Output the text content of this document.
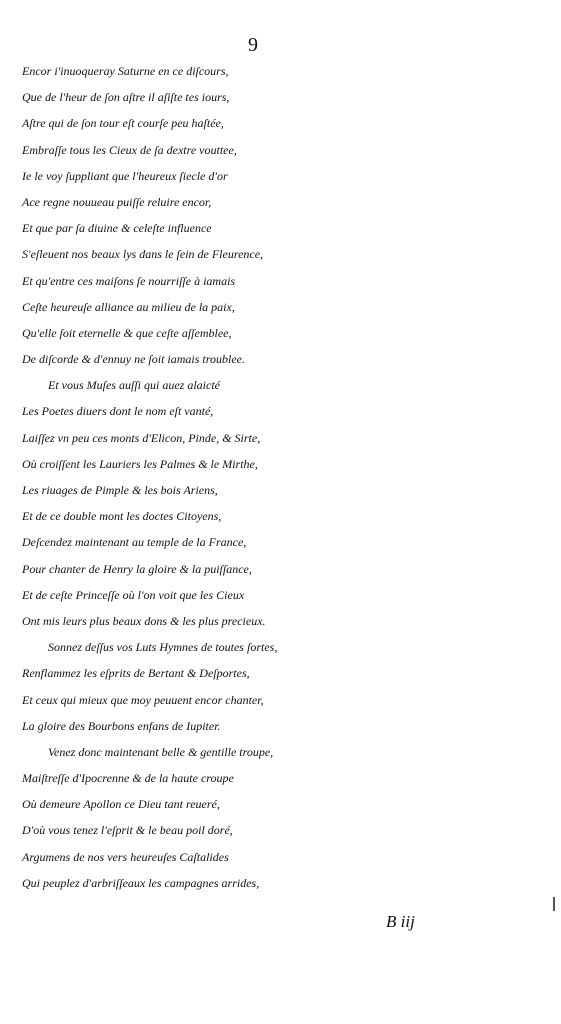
9
Encor i'inuoqueray Saturne en ce diſcours,
Que de l'heur de ſon aſtre il aſiſte tes iours,
Aſtre qui de ſon tour eſt courſe peu haſtée,
Embraſſe tous les Cieux de ſa dextre vouttee,
Ie le voy ſuppliant que l'heureux ſiecle d'or
Ace regne nouueau puiſſe reluire encor,
Et que par ſa diuine & celeſte influence
S'eſleuent nos beaux lys dans le ſein de Fleurence,
Et qu'entre ces maiſons ſe nourriſſe à iamais
Ceſte heureuſe alliance au milieu de la paix,
Qu'elle ſoit eternelle & que ceſte aſſemblee,
De diſcorde & d'ennuy ne ſoit iamais troublee.
Et vous Muſes auſſi qui auez alaicté
Les Poetes diuers dont le nom eſt vanté,
Laiſſez vn peu ces monts d'Elicon, Pinde, & Sirte,
Où croiſſent les Lauriers les Palmes & le Mirthe,
Les riuages de Pimple & les bois Ariens,
Et de ce double mont les doctes Citoyens,
Deſcendez maintenant au temple de la France,
Pour chanter de Henry la gloire & la puiſſance,
Et de ceſte Princeſſe où l'on voit que les Cieux
Ont mis leurs plus beaux dons & les plus precieux.
Sonnez deſſus vos Luts Hymnes de toutes ſortes,
Renflammez les eſprits de Bertant & Deſportes,
Et ceux qui mieux que moy peuuent encor chanter,
La gloire des Bourbons enfans de Iupiter.
Venez donc maintenant belle & gentille troupe,
Maiſtreſſe d'Ipocrenne & de la haute croupe
Où demeure Apollon ce Dieu tant reueré,
D'où vous tenez l'eſprit & le beau poil doré,
Argumens de nos vers heureuſes Caſtalides
Qui peuplez d'arbriſſeaux les campagnes arrides,
B iij
